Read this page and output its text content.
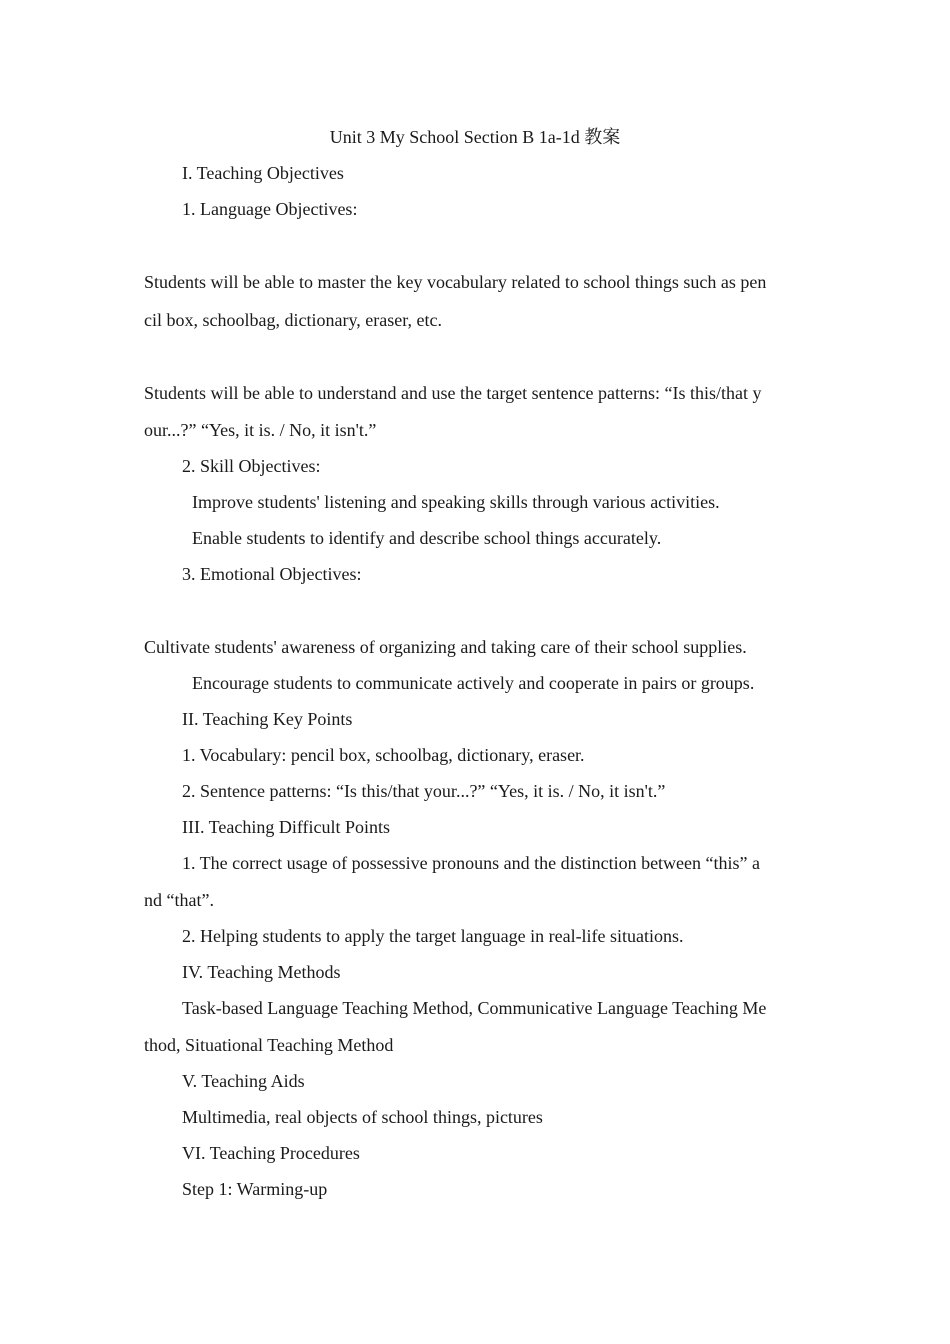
Unit 3 My School Section B 1a-1d 教案
I. Teaching Objectives
1. Language Objectives:
Students will be able to master the key vocabulary related to school things such as pen
cil box, schoolbag, dictionary, eraser, etc.
Students will be able to understand and use the target sentence patterns: “Is this/that y
our...?” “Yes, it is. / No, it isn't.”
2. Skill Objectives:
Improve students' listening and speaking skills through various activities.
Enable students to identify and describe school things accurately.
3. Emotional Objectives:
Cultivate students' awareness of organizing and taking care of their school supplies.
Encourage students to communicate actively and cooperate in pairs or groups.
II. Teaching Key Points
1. Vocabulary: pencil box, schoolbag, dictionary, eraser.
2. Sentence patterns: “Is this/that your...?” “Yes, it is. / No, it isn't.”
III. Teaching Difficult Points
1. The correct usage of possessive pronouns and the distinction between “this” a
nd “that”.
2. Helping students to apply the target language in real-life situations.
IV. Teaching Methods
Task-based Language Teaching Method, Communicative Language Teaching Me
thod, Situational Teaching Method
V. Teaching Aids
Multimedia, real objects of school things, pictures
VI. Teaching Procedures
Step 1: Warming-up
